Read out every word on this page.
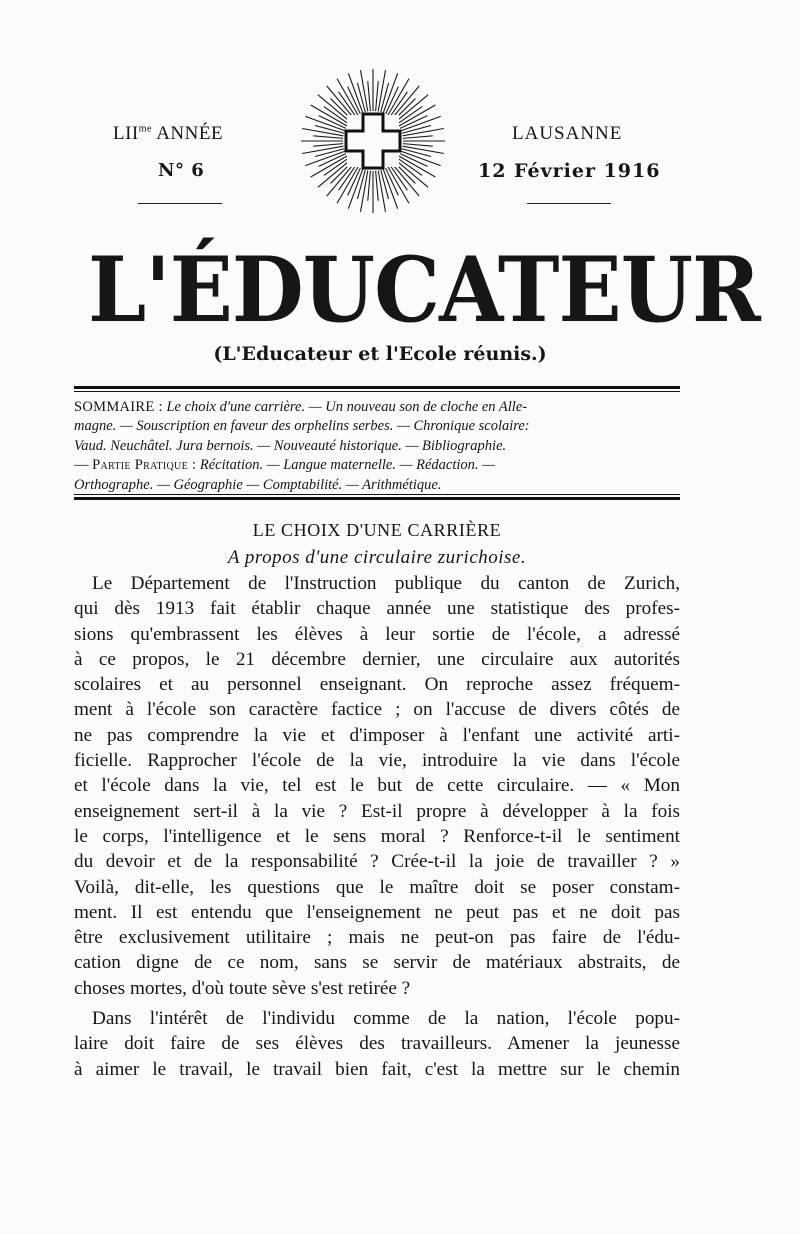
$LII^{me}$ ANNÉE
N° 6
LAUSANNE
12 Février 1916
L'ÉDUCATEUR
(L'Educateur et l'Ecole réunis.)
SOMMAIRE : Le choix d'une carrière. — Un nouveau son de cloche en Alle-
magne. — Souscription en faveur des orphelins serbes. — Chronique scolaire:
Vaud. Neuchâtel. Jura bernois. — Nouveauté historique. — Bibliographie.
— Partie Pratique : Récitation. — Langue maternelle. — Rédaction. —
Orthographe. — Géographie — Comptabilité. — Arithmétique.
LE CHOIX D'UNE CARRIÈRE
A propos d'une circulaire zurichoise.
Le Département de l'Instruction publique du canton de Zurich,
qui dès 1913 fait établir chaque année une statistique des profes-
sions qu'embrassent les élèves à leur sortie de l'école, a adressé
à ce propos, le 21 décembre dernier, une circulaire aux autorités
scolaires et au personnel enseignant. On reproche assez fréquem-
ment à l'école son caractère factice ; on l'accuse de divers côtés de
ne pas comprendre la vie et d'imposer à l'enfant une activité arti-
ficielle. Rapprocher l'école de la vie, introduire la vie dans l'école
et l'école dans la vie, tel est le but de cette circulaire. — « Mon
enseignement sert-il à la vie ? Est-il propre à développer à la fois
le corps, l'intelligence et le sens moral ? Renforce-t-il le sentiment
du devoir et de la responsabilité ? Crée-t-il la joie de travailler ? »
Voilà, dit-elle, les questions que le maître doit se poser constam-
ment. Il est entendu que l'enseignement ne peut pas et ne doit pas
être exclusivement utilitaire ; mais ne peut-on pas faire de l'édu-
cation digne de ce nom, sans se servir de matériaux abstraits, de
choses mortes, d'où toute sève s'est retirée ?
Dans l'intérêt de l'individu comme de la nation, l'école popu-
laire doit faire de ses élèves des travailleurs. Amener la jeunesse
à aimer le travail, le travail bien fait, c'est la mettre sur le chemin
